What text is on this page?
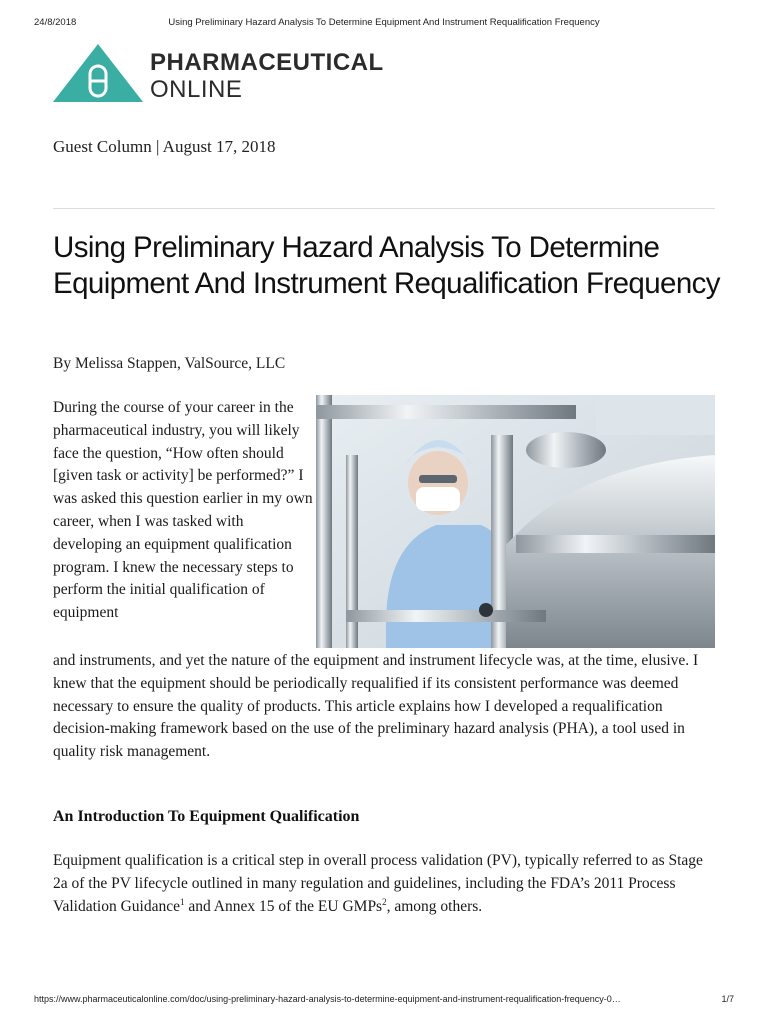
24/8/2018	Using Preliminary Hazard Analysis To Determine Equipment And Instrument Requalification Frequency
PHARMACEUTICAL
ONLINE
Guest Column | August 17, 2018
Using Preliminary Hazard Analysis To Determine Equipment And Instrument Requalification Frequency
By Melissa Stappen, ValSource, LLC

During the course of your career in the pharmaceutical industry, you will likely face the question, “How often should [given task or activity] be performed?” I was asked this question earlier in my own career, when I was tasked with developing an equipment qualification program. I knew the necessary steps to perform the initial qualification of equipment

and instruments, and yet the nature of the equipment and instrument lifecycle was, at the time, elusive. I knew that the equipment should be periodically requalified if its consistent performance was deemed necessary to ensure the quality of products. This article explains how I developed a requalification decision-making framework based on the use of the preliminary hazard analysis (PHA), a tool used in quality risk management.

An Introduction To Equipment Qualification

Equipment qualification is a critical step in overall process validation (PV), typically referred to as Stage 2a of the PV lifecycle outlined in many regulation and guidelines, including the FDA’s 2011 Process Validation Guidance$^1$ and Annex 15 of the EU GMPs$^2$, among others.

https://www.pharmaceuticalonline.com/doc/using-preliminary-hazard-analysis-to-determine-equipment-and-instrument-requalification-frequency-0…	1/7
